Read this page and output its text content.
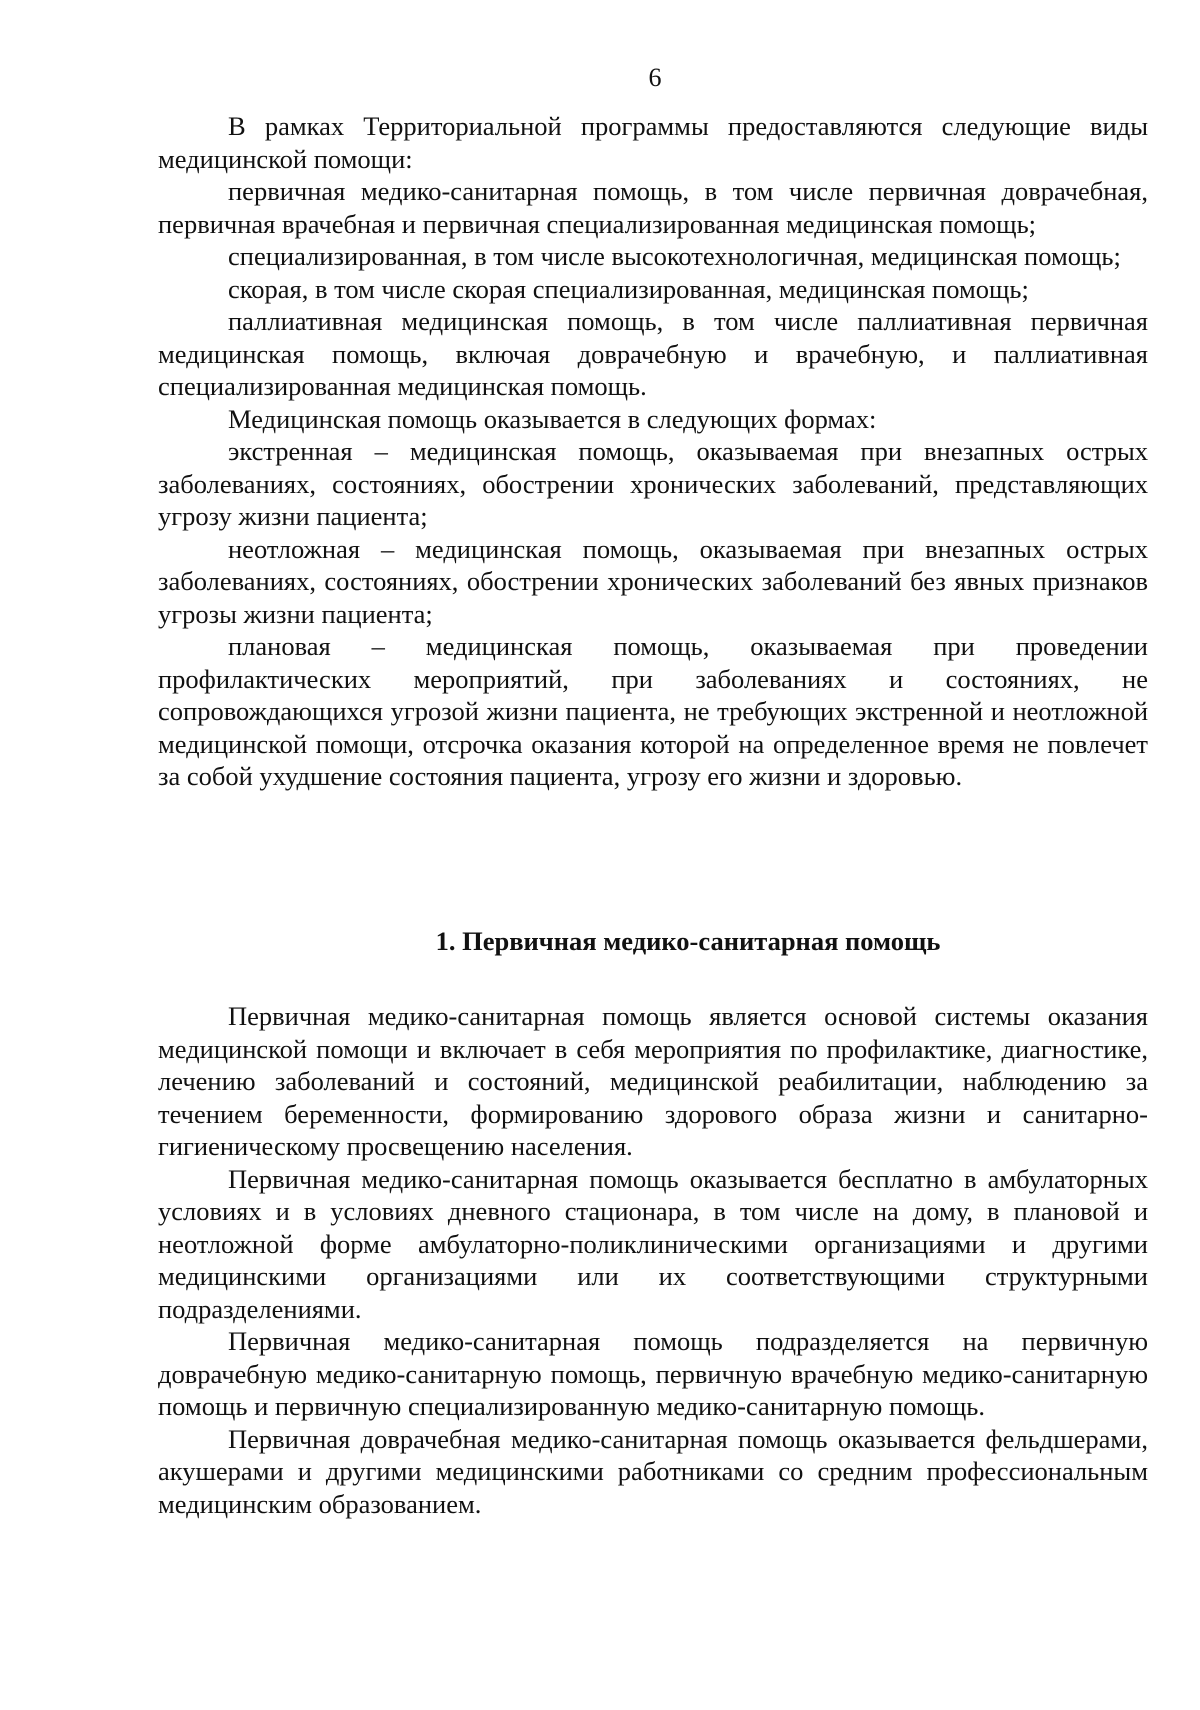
6

В рамках Территориальной программы предоставляются следующие виды медицинской помощи:

первичная медико-санитарная помощь, в том числе первичная доврачебная, первичная врачебная и первичная специализированная медицинская помощь;

специализированная, в том числе высокотехнологичная, медицинская помощь;

скорая, в том числе скорая специализированная, медицинская помощь;

паллиативная медицинская помощь, в том числе паллиативная первичная медицинская помощь, включая доврачебную и врачебную, и паллиативная специализированная медицинская помощь.

Медицинская помощь оказывается в следующих формах:

экстренная – медицинская помощь, оказываемая при внезапных острых заболеваниях, состояниях, обострении хронических заболеваний, представляющих угрозу жизни пациента;

неотложная – медицинская помощь, оказываемая при внезапных острых заболеваниях, состояниях, обострении хронических заболеваний без явных признаков угрозы жизни пациента;

плановая – медицинская помощь, оказываемая при проведении профилактических мероприятий, при заболеваниях и состояниях, не сопровождающихся угрозой жизни пациента, не требующих экстренной и неотложной медицинской помощи, отсрочка оказания которой на определенное время не повлечет за собой ухудшение состояния пациента, угрозу его жизни и здоровью.

1. Первичная медико-санитарная помощь

Первичная медико-санитарная помощь является основой системы оказания медицинской помощи и включает в себя мероприятия по профилактике, диагностике, лечению заболеваний и состояний, медицинской реабилитации, наблюдению за течением беременности, формированию здорового образа жизни и санитарно-гигиеническому просвещению населения.

Первичная медико-санитарная помощь оказывается бесплатно в амбулаторных условиях и в условиях дневного стационара, в том числе на дому, в плановой и неотложной форме амбулаторно-поликлиническими организациями и другими медицинскими организациями или их соответствующими структурными подразделениями.

Первичная медико-санитарная помощь подразделяется на первичную доврачебную медико-санитарную помощь, первичную врачебную медико-санитарную помощь и первичную специализированную медико-санитарную помощь.

Первичная доврачебная медико-санитарная помощь оказывается фельдшерами, акушерами и другими медицинскими работниками со средним профессиональным медицинским образованием.
